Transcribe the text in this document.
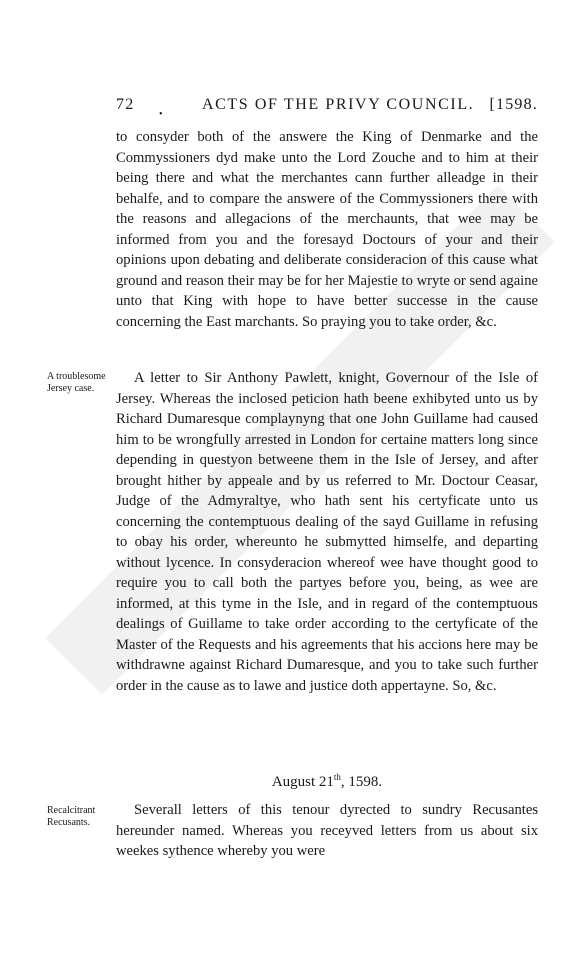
72
•
ACTS OF THE PRIVY COUNCIL. [1598.

to consyder both of the answere the King of Denmarke and the Commyssioners dyd make unto the Lord Zouche and to him at their being there and what the merchantes cann further alleadge in their behalfe, and to compare the answere of the Commyssioners there with the reasons and allegacions of the merchaunts, that wee may be informed from you and the foresayd Doctours of your and their opinions upon debating and deliberate consideracion of this cause what ground and reason their may be for her Majestie to wryte or send againe unto that King with hope to have better successe in the cause concerning the East marchants. So praying you to take order, &c.

A troublesome Jersey case.

A letter to Sir Anthony Pawlett, knight, Governour of the Isle of Jersey. Whereas the inclosed peticion hath beene exhibyted unto us by Richard Dumaresque complaynyng that one John Guillame had caused him to be wrongfully arrested in London for certaine matters long since depending in questyon betweene them in the Isle of Jersey, and after brought hither by appeale and by us referred to Mr. Doctour Ceasar, Judge of the Admyraltye, who hath sent his certyficate unto us concerning the contemptuous dealing of the sayd Guillame in refusing to obay his order, whereunto he submytted himselfe, and departing without lycence. In consyderacion whereof wee have thought good to require you to call both the partyes before you, being, as wee are informed, at this tyme in the Isle, and in regard of the contemptuous dealings of Guillame to take order according to the certyficate of the Master of the Requests and his agreements that his accions here may be withdrawne against Richard Dumaresque, and you to take such further order in the cause as to lawe and justice doth appertayne. So, &c.

August 21th, 1598.
Recalcitrant Recusants.

Severall letters of this tenour dyrected to sundry Recusantes hereunder named. Whereas you receyved letters from us about six weekes sythence whereby you were
